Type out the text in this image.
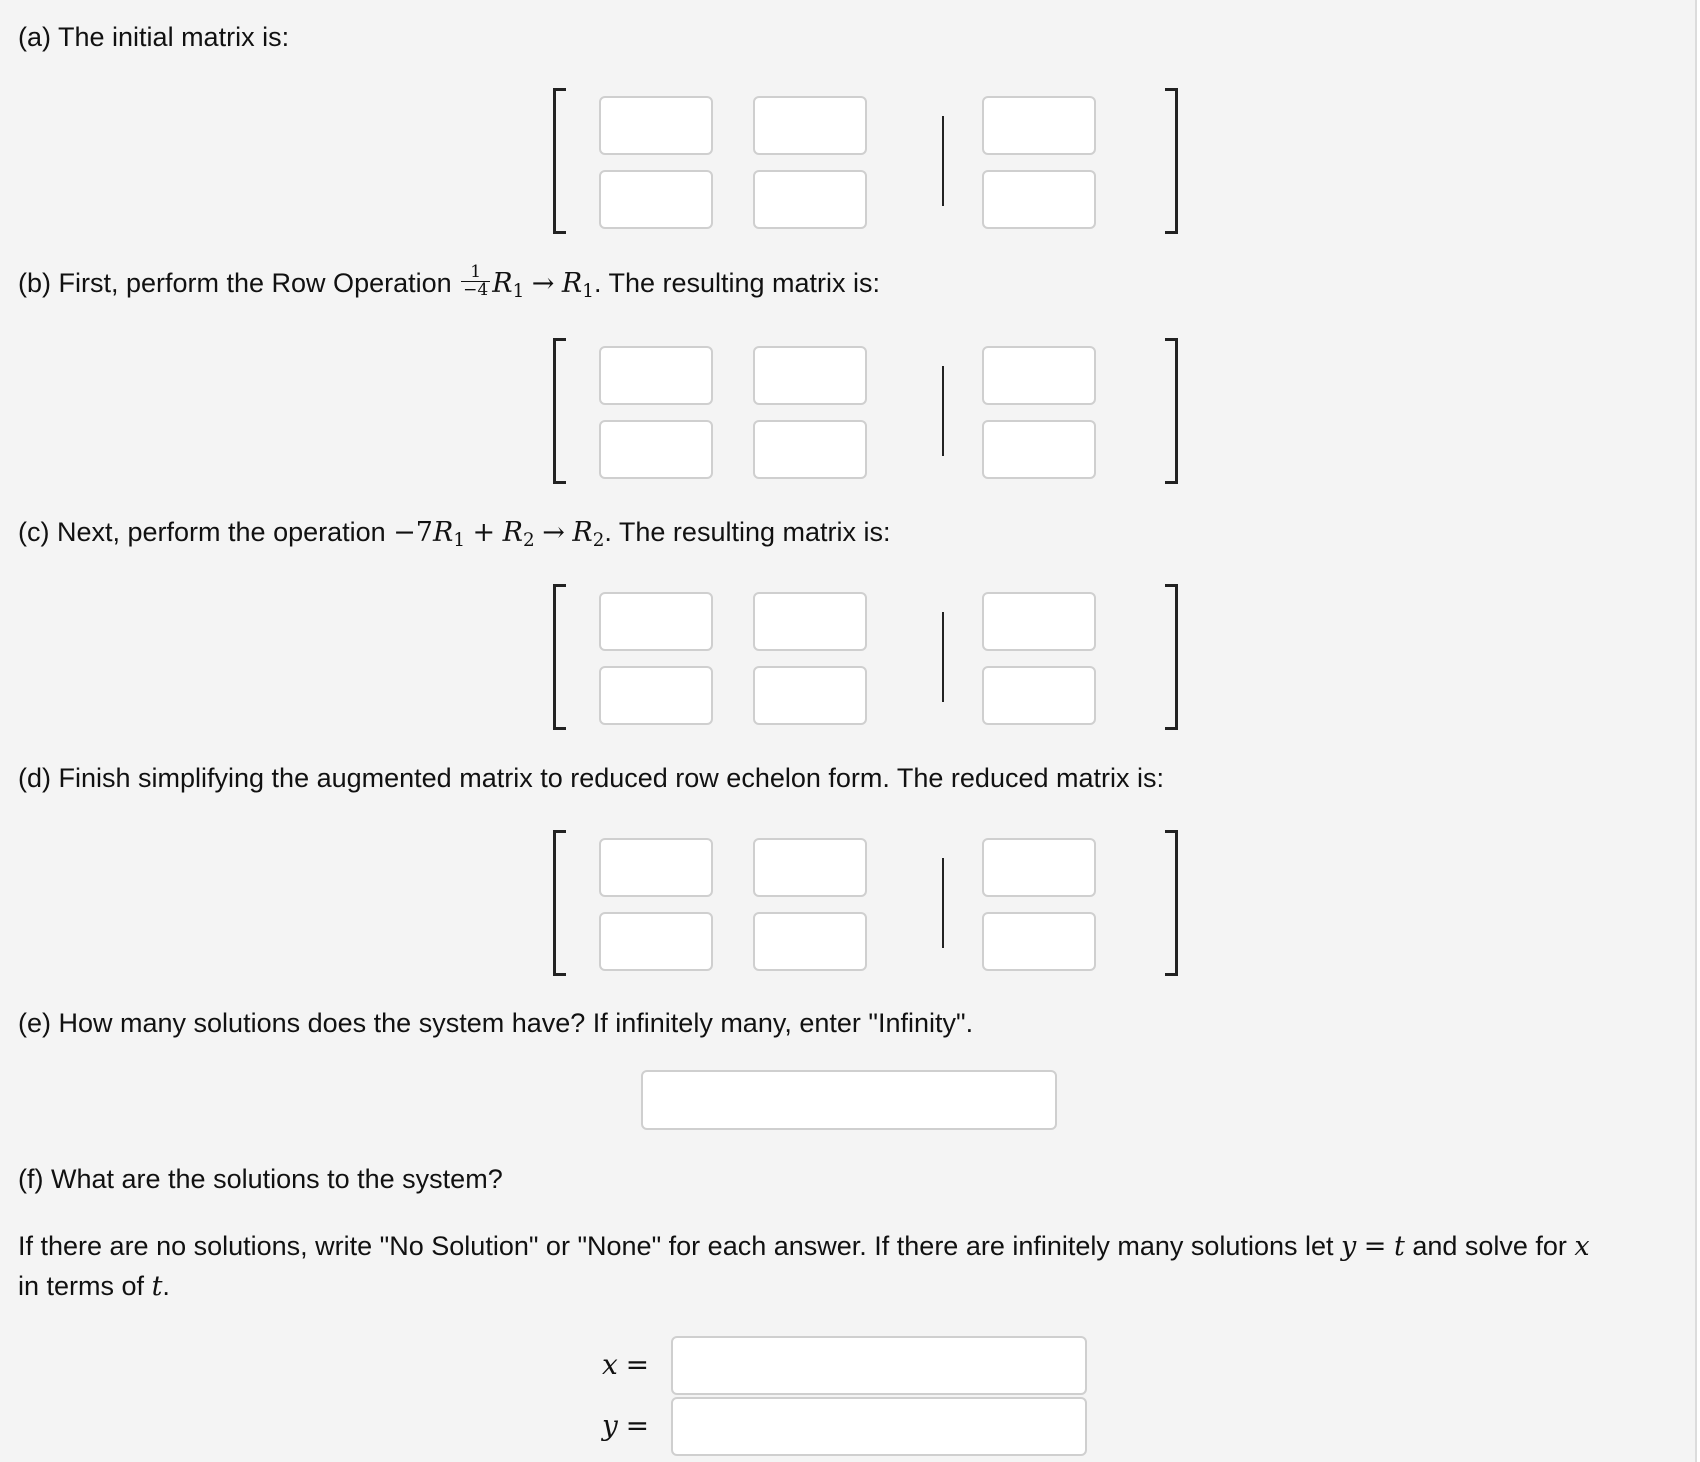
(a) The initial matrix is:
(b) First, perform the Row Operation $\frac{1}{-4} R_1 \to R_1$. The resulting matrix is:
(c) Next, perform the operation $-7R_1 + R_2 \to R_2$. The resulting matrix is:
(d) Finish simplifying the augmented matrix to reduced row echelon form. The reduced matrix is:
(e) How many solutions does the system have? If infinitely many, enter "Infinity".
(f) What are the solutions to the system?
If there are no solutions, write "No Solution" or "None" for each answer. If there are infinitely many solutions let y = t and solve for x
in terms of t.
x =
y =
